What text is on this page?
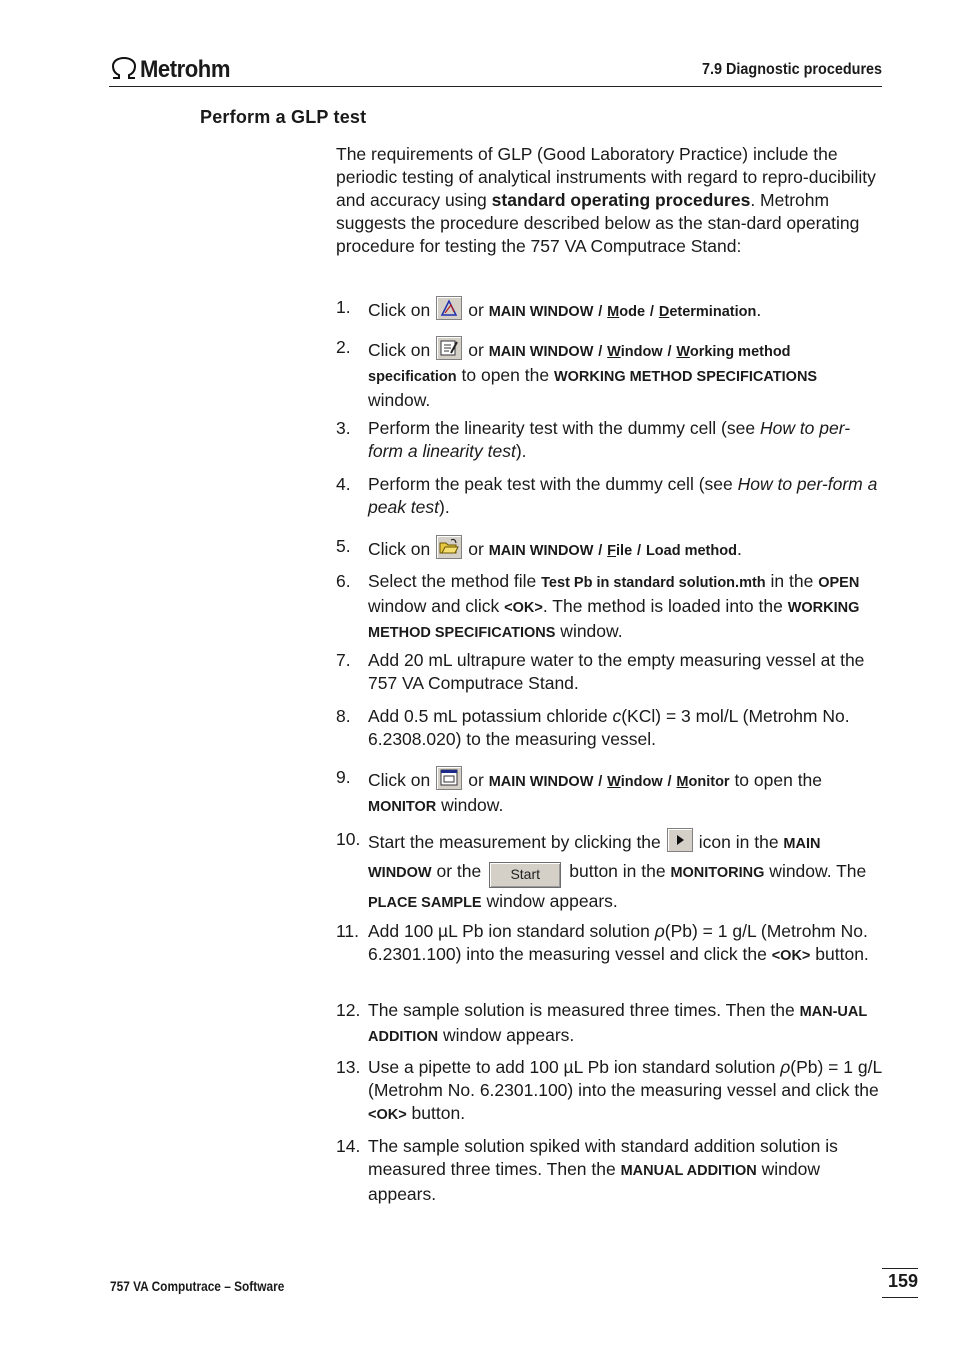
Metrohm	7.9 Diagnostic procedures
Perform a GLP test

The requirements of GLP (Good Laboratory Practice) include the periodic testing of analytical instruments with regard to repro-ducibility and accuracy using standard operating procedures. Metrohm suggests the procedure described below as the stan-dard operating procedure for testing the 757 VA Computrace Stand:

1. Click on or MAIN WINDOW / Mode / Determination.
2. Click on or MAIN WINDOW / Window / Working method specification to open the WORKING METHOD SPECIFICATIONS window.
3. Perform the linearity test with the dummy cell (see How to per-form a linearity test).
4. Perform the peak test with the dummy cell (see How to per-form a peak test).
5. Click on or MAIN WINDOW / File / Load method.
6. Select the method file Test Pb in standard solution.mth in the OPEN window and click <OK>. The method is loaded into the WORKING METHOD SPECIFICATIONS window.
7. Add 20 mL ultrapure water to the empty measuring vessel at the 757 VA Computrace Stand.
8. Add 0.5 mL potassium chloride c(KCl) = 3 mol/L (Metrohm No. 6.2308.020) to the measuring vessel.
9. Click on or MAIN WINDOW / Window / Monitor to open the MONITOR window.
10. Start the measurement by clicking the icon in the MAIN WINDOW or the Start button in the MONITORING window. The PLACE SAMPLE window appears.
11. Add 100 µL Pb ion standard solution ρ(Pb) = 1 g/L (Metrohm No. 6.2301.100) into the measuring vessel and click the <OK> button.
12. The sample solution is measured three times. Then the MAN-UAL ADDITION window appears.
13. Use a pipette to add 100 µL Pb ion standard solution ρ(Pb) = 1 g/L (Metrohm No. 6.2301.100) into the measuring vessel and click the <OK> button.
14. The sample solution spiked with standard addition solution is measured three times. Then the MANUAL ADDITION window appears.
757 VA Computrace – Software	159
